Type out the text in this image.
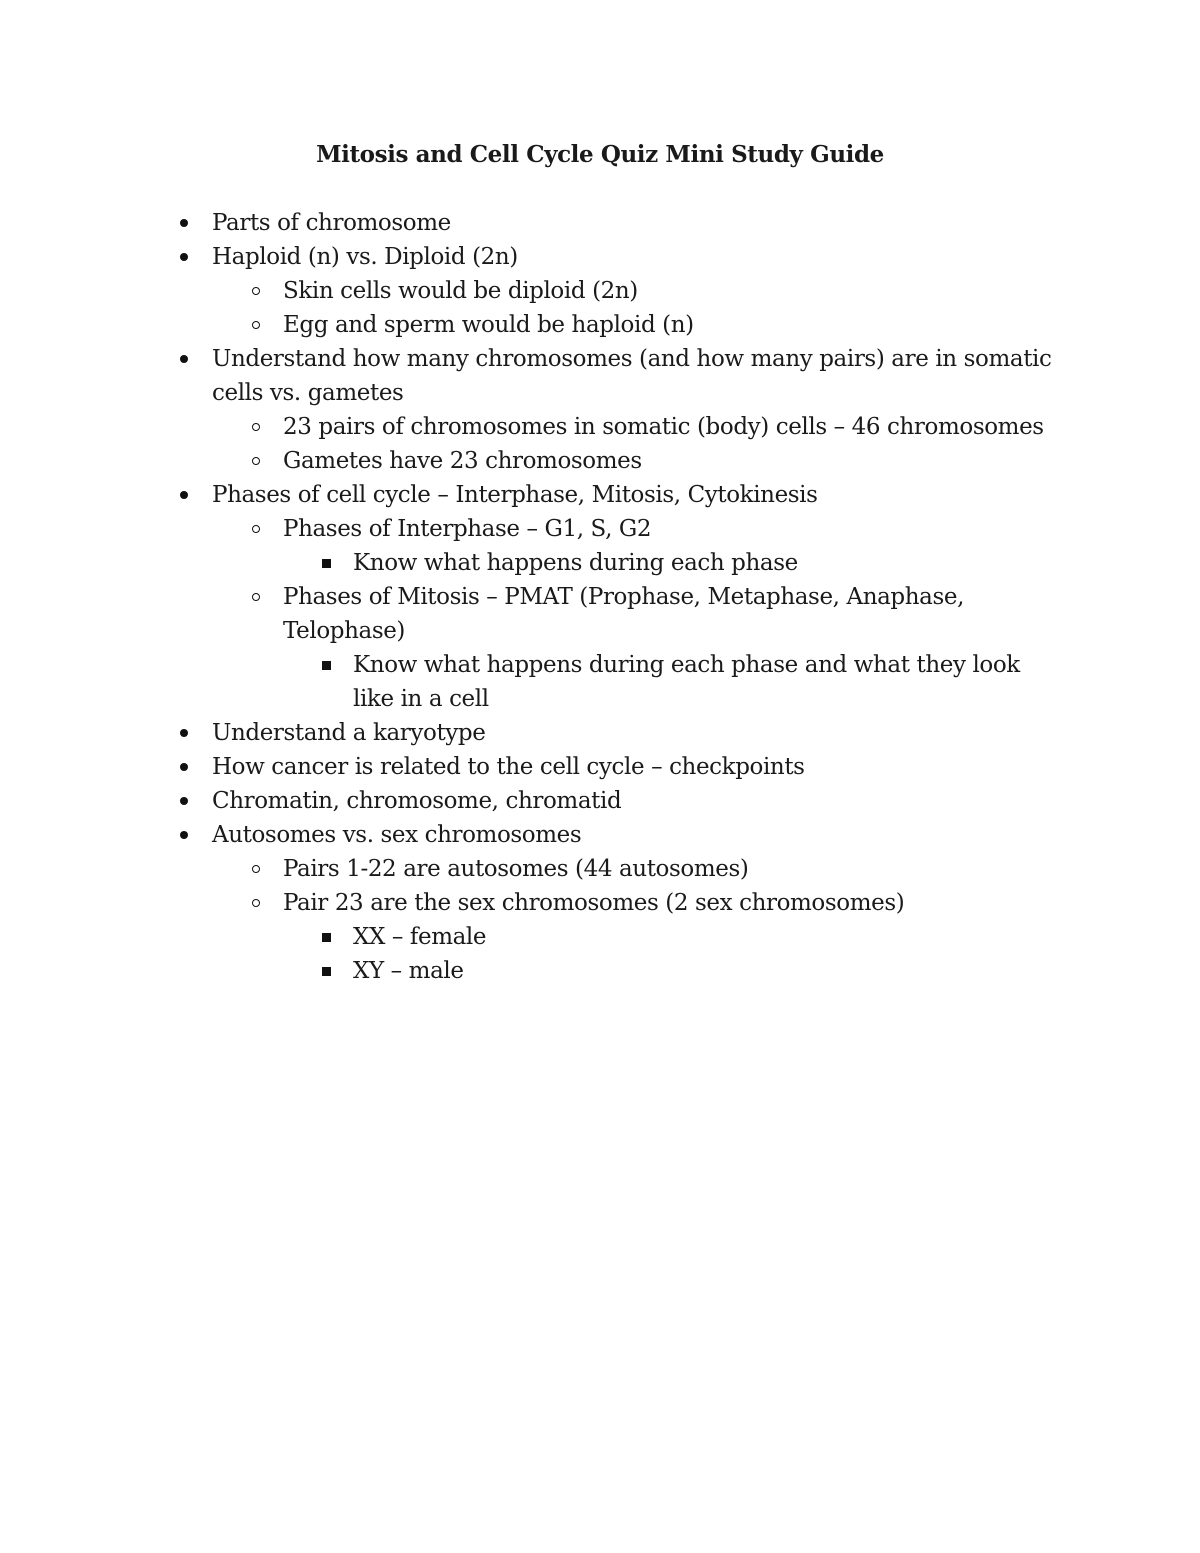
Mitosis and Cell Cycle Quiz Mini Study Guide
Parts of chromosome
Haploid (n) vs. Diploid (2n)
Skin cells would be diploid (2n)
Egg and sperm would be haploid (n)
Understand how many chromosomes (and how many pairs) are in somatic
cells vs. gametes
23 pairs of chromosomes in somatic (body) cells – 46 chromosomes
Gametes have 23 chromosomes
Phases of cell cycle – Interphase, Mitosis, Cytokinesis
Phases of Interphase – G1, S, G2
Know what happens during each phase
Phases of Mitosis – PMAT (Prophase, Metaphase, Anaphase,
Telophase)
Know what happens during each phase and what they look
like in a cell
Understand a karyotype
How cancer is related to the cell cycle – checkpoints
Chromatin, chromosome, chromatid
Autosomes vs. sex chromosomes
Pairs 1-22 are autosomes (44 autosomes)
Pair 23 are the sex chromosomes (2 sex chromosomes)
XX – female
XY – male
